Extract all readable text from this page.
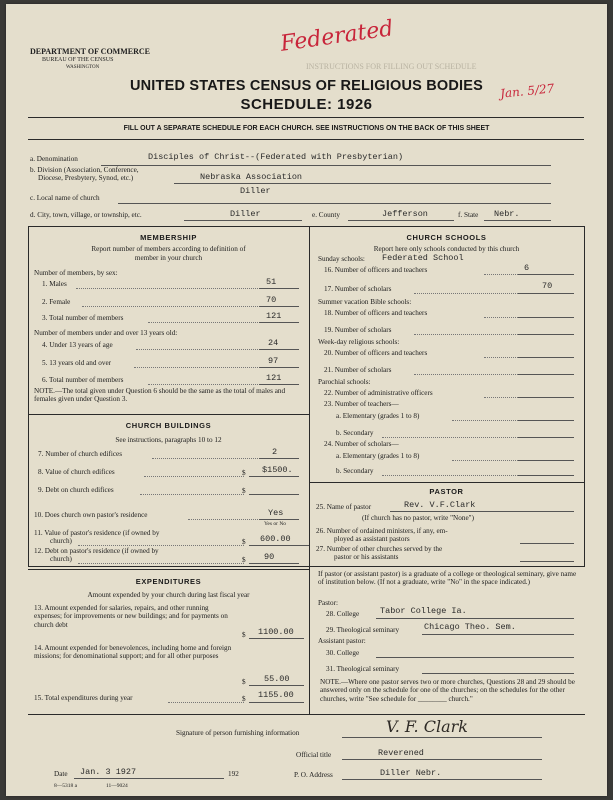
INSTRUCTIONS FOR FILLING OUT SCHEDULE
DEPARTMENT OF COMMERCE
BUREAU OF THE CENSUS
WASHINGTON
Federated
Jan. 5/27
UNITED STATES CENSUS OF RELIGIOUS BODIES
SCHEDULE: 1926
FILL OUT A SEPARATE SCHEDULE FOR EACH CHURCH. SEE INSTRUCTIONS ON THE BACK OF THIS SHEET
a. Denomination	Disciples of Christ--(Federated with Presbyterian)
b. Division (Association, Conference,
Diocese, Presbytery, Synod, etc.)	Nebraska Association
Diller
c. Local name of church
d. City, town, village, or township, etc.	Diller	e. County	Jefferson	f. State Nebr.
MEMBERSHIP
Report number of members according to definition of
member in your church
Number of members, by sex:
1. Males	51
2. Female	70
3. Total number of members	121
Number of members under and over 13 years old:
4. Under 13 years of age	24
5. 13 years old and over	97
6. Total number of members	121
NOTE.—The total given under Question 6 should be the same as the total of males and females given under Question 3.
CHURCH BUILDINGS
See instructions, paragraphs 10 to 12
7. Number of church edifices	2
8. Value of church edifices	$ $1500.
9. Debt on church edifices	$
10. Does church own pastor's residence	Yes
Yes or No
11. Value of pastor's residence (if owned by
church)	$ 600.00
12. Debt on pastor's residence (if owned by
church)	$ 90
EXPENDITURES
Amount expended by your church during last fiscal year
13. Amount expended for salaries, repairs, and other running expenses; for improvements or new buildings; and for payments on church debt
$ 1100.00
14. Amount expended for benevolences, including home and foreign missions; for denominational support; and for all other purposes
$ 55.00
15. Total expenditures during year	$ 1155.00
CHURCH SCHOOLS
Report here only schools conducted by this church
Sunday schools: Federated School
16. Number of officers and teachers	6
17. Number of scholars	70
Summer vacation Bible schools:
18. Number of officers and teachers
19. Number of scholars
Week-day religious schools:
20. Number of officers and teachers
21. Number of scholars
Parochial schools:
22. Number of administrative officers
23. Number of teachers—
a. Elementary (grades 1 to 8)
b. Secondary
24. Number of scholars—
a. Elementary (grades 1 to 8)
b. Secondary
PASTOR
25. Name of pastor	Rev. V.F.Clark
(If church has no pastor, write "None")
26. Number of ordained ministers, if any, em-
ployed as assistant pastors
27. Number of other churches served by the
pastor or his assistants
If pastor (or assistant pastor) is a graduate of a college or theological seminary, give name of institution below. (If not a graduate, write "No" in the space indicated.)
Pastor:
28. College Tabor College Ia.
29. Theological seminary	Chicago Theo. Sem.
Assistant pastor:
30. College
31. Theological seminary
NOTE.—Where one pastor serves two or more churches, Questions 28 and 29 should be answered only on the schedule for one of the churches; on the schedules for the other churches, write "See schedule for ________ church."
Signature of person furnishing information	V. F. Clark
Official title	Reverened
Date Jan. 3 1927	192	P. O. Address	Diller Nebr.
8—5318 a	11—9024
